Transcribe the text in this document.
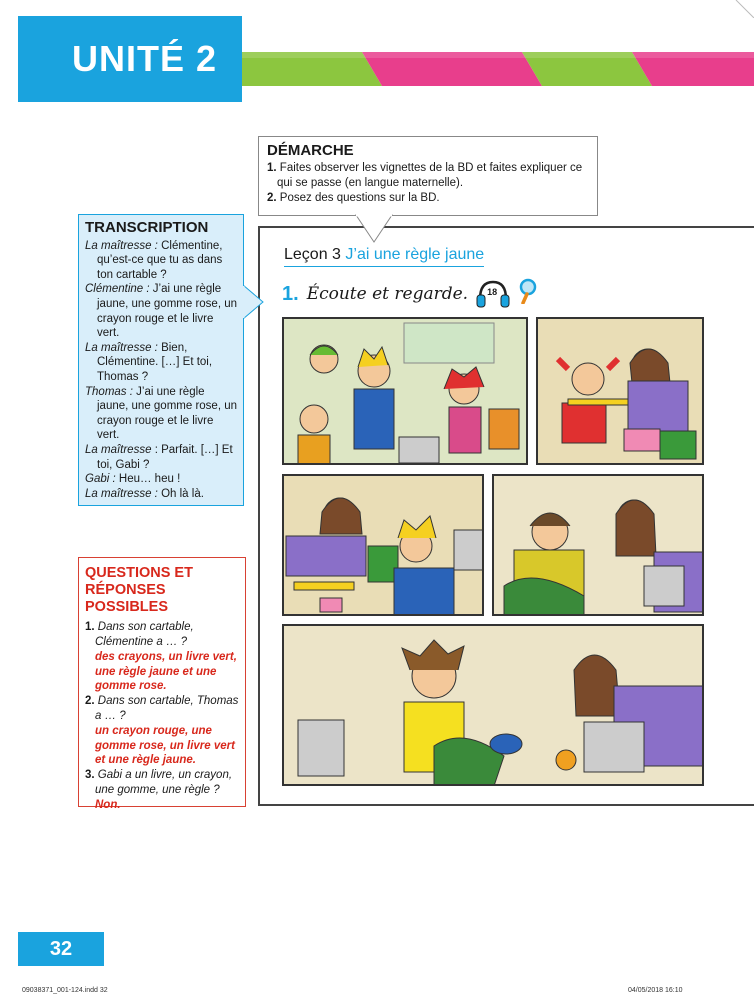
UNITÉ 2
DÉMARCHE
1. Faites observer les vignettes de la BD et faites expliquer ce qui se passe (en langue maternelle).
2. Posez des questions sur la BD.
Leçon 3 J’ai une règle jaune
1. Écoute et regarde. 18
TRANSCRIPTION
La maîtresse : Clémentine, qu’est-ce que tu as dans ton cartable ?
Clémentine : J’ai une règle jaune, une gomme rose, un crayon rouge et le livre vert.
La maîtresse : Bien, Clémentine. […] Et toi, Thomas ?
Thomas : J’ai une règle jaune, une gomme rose, un crayon rouge et le livre vert.
La maîtresse : Parfait. […] Et toi, Gabi ?
Gabi : Heu… heu !
La maîtresse : Oh là là.
QUESTIONS ET RÉPONSES POSSIBLES
1. Dans son cartable, Clémentine a … ?
des crayons, un livre vert, une règle jaune et une gomme rose.
2. Dans son cartable, Thomas a … ?
un crayon rouge, une gomme rose, un livre vert et une règle jaune.
3. Gabi a un livre, un crayon, une gomme, une règle ?
Non.
32
09038371_001-124.indd 32	04/05/2018 16:10
